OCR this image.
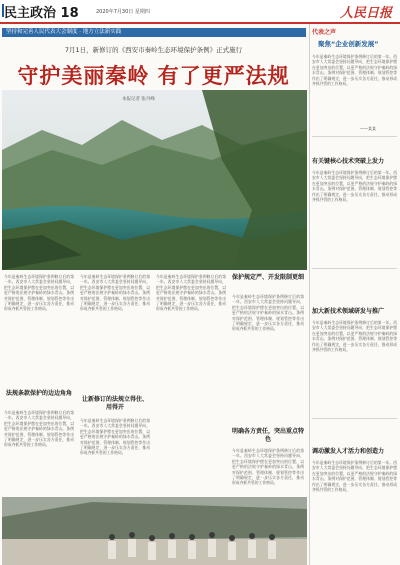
民主政治 18	2020年7月30日 星期四	人民日报
坚持和完善人民代表大会制度 · 地方立法新实践
7月1日，新修订的《西安市秦岭生态环境保护条例》正式施行
守护美丽秦岭 有了更严法规
本报记者 张丹峰
今年是秦岭生态环境保护条例修订后的第一年。西安市人大常委会坚持问题导向，把生态环境保护摆在更加突出的位置，以更严格的法规守护秦岭的绿水青山。条例对保护范围、管理体制、规划管控等作出了明确规定，进一步压实各方责任，推动形成齐抓共管的工作格局。
法规条款保护的边边角角
今年是秦岭生态环境保护条例修订后的第一年。西安市人大常委会坚持问题导向，把生态环境保护摆在更加突出的位置，以更严格的法规守护秦岭的绿水青山。条例对保护范围、管理体制、规划管控等作出了明确规定，进一步压实各方责任，推动形成齐抓共管的工作格局。
今年是秦岭生态环境保护条例修订后的第一年。西安市人大常委会坚持问题导向，把生态环境保护摆在更加突出的位置，以更严格的法规守护秦岭的绿水青山。条例对保护范围、管理体制、规划管控等作出了明确规定，进一步压实各方责任，推动形成齐抓共管的工作格局。
让新修订的法规立得住、用得开
今年是秦岭生态环境保护条例修订后的第一年。西安市人大常委会坚持问题导向，把生态环境保护摆在更加突出的位置，以更严格的法规守护秦岭的绿水青山。条例对保护范围、管理体制、规划管控等作出了明确规定，进一步压实各方责任，推动形成齐抓共管的工作格局。
今年是秦岭生态环境保护条例修订后的第一年。西安市人大常委会坚持问题导向，把生态环境保护摆在更加突出的位置，以更严格的法规守护秦岭的绿水青山。条例对保护范围、管理体制、规划管控等作出了明确规定，进一步压实各方责任，推动形成齐抓共管的工作格局。
保护规定严、开发限制更细
今年是秦岭生态环境保护条例修订后的第一年。西安市人大常委会坚持问题导向，把生态环境保护摆在更加突出的位置，以更严格的法规守护秦岭的绿水青山。条例对保护范围、管理体制、规划管控等作出了明确规定，进一步压实各方责任，推动形成齐抓共管的工作格局。
明确各方责任，突出重点特色
今年是秦岭生态环境保护条例修订后的第一年。西安市人大常委会坚持问题导向，把生态环境保护摆在更加突出的位置，以更严格的法规守护秦岭的绿水青山。条例对保护范围、管理体制、规划管控等作出了明确规定，进一步压实各方责任，推动形成齐抓共管的工作格局。
代表之声
聚焦“企业创新发展”
今年是秦岭生态环境保护条例修订后的第一年。西安市人大常委会坚持问题导向，把生态环境保护摆在更加突出的位置，以更严格的法规守护秦岭的绿水青山。条例对保护范围、管理体制、规划管控等作出了明确规定，进一步压实各方责任，推动形成齐抓共管的工作格局。
——某某
有关键核心技术突破上发力
今年是秦岭生态环境保护条例修订后的第一年。西安市人大常委会坚持问题导向，把生态环境保护摆在更加突出的位置，以更严格的法规守护秦岭的绿水青山。条例对保护范围、管理体制、规划管控等作出了明确规定，进一步压实各方责任，推动形成齐抓共管的工作格局。
加大新技术领域研发与推广
今年是秦岭生态环境保护条例修订后的第一年。西安市人大常委会坚持问题导向，把生态环境保护摆在更加突出的位置，以更严格的法规守护秦岭的绿水青山。条例对保护范围、管理体制、规划管控等作出了明确规定，进一步压实各方责任，推动形成齐抓共管的工作格局。
调动激发人才活力和创造力
今年是秦岭生态环境保护条例修订后的第一年。西安市人大常委会坚持问题导向，把生态环境保护摆在更加突出的位置，以更严格的法规守护秦岭的绿水青山。条例对保护范围、管理体制、规划管控等作出了明确规定，进一步压实各方责任，推动形成齐抓共管的工作格局。
